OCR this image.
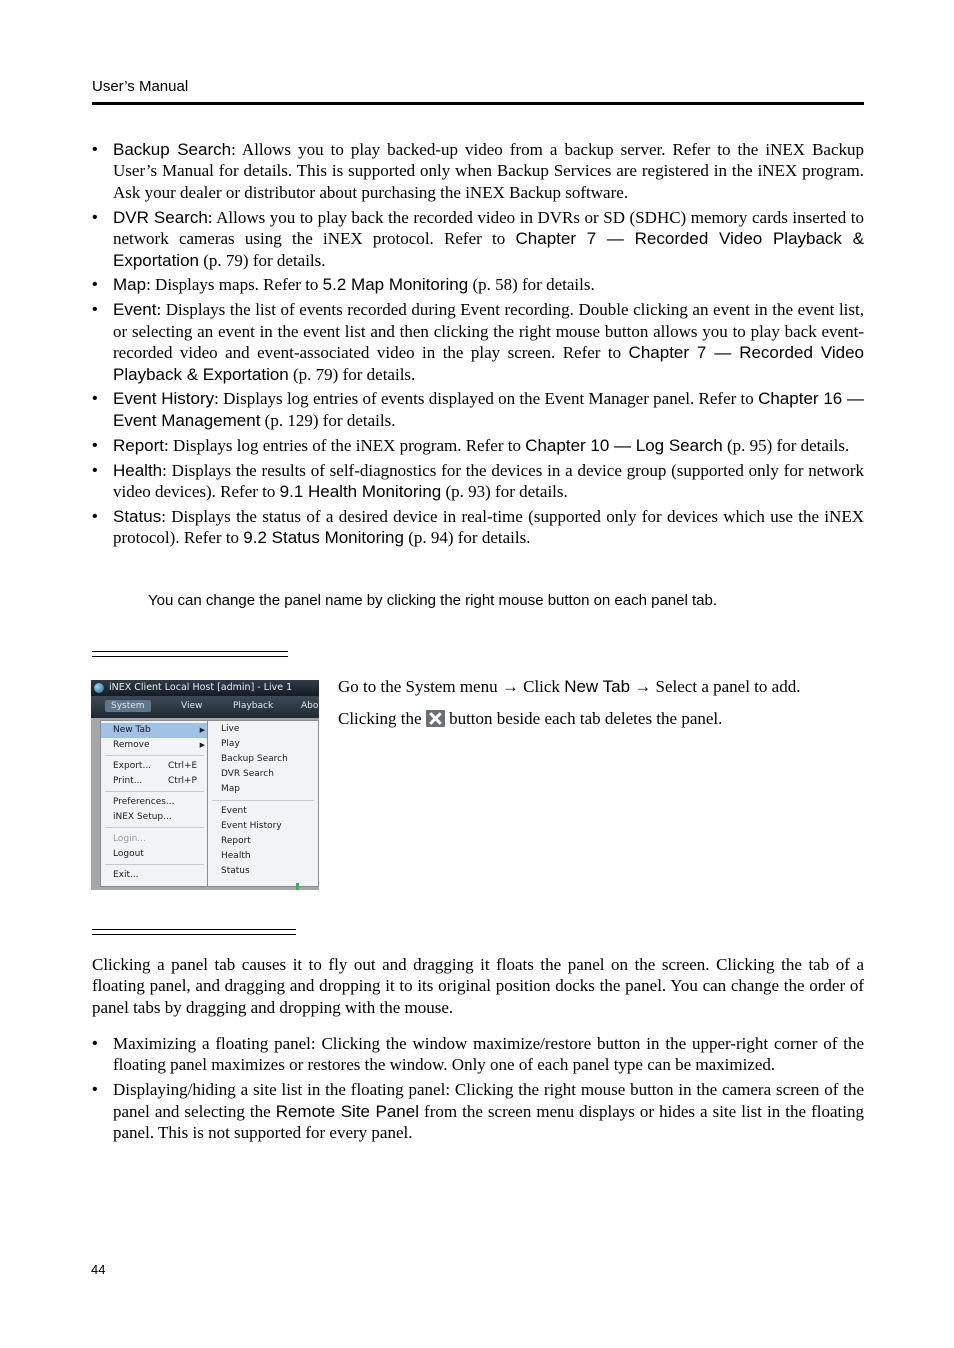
User’s Manual
• Backup Search: Allows you to play backed-up video from a backup server. Refer to the iNEX Backup User’s Manual for details. This is supported only when Backup Services are registered in the iNEX program. Ask your dealer or distributor about purchasing the iNEX Backup software.
• DVR Search: Allows you to play back the recorded video in DVRs or SD (SDHC) memory cards inserted to network cameras using the iNEX protocol. Refer to Chapter 7 — Recorded Video Playback & Exportation (p. 79) for details.
• Map: Displays maps. Refer to 5.2 Map Monitoring (p. 58) for details.
• Event: Displays the list of events recorded during Event recording. Double clicking an event in the event list, or selecting an event in the event list and then clicking the right mouse button allows you to play back event-recorded video and event-associated video in the play screen. Refer to Chapter 7 — Recorded Video Playback & Exportation (p. 79) for details.
• Event History: Displays log entries of events displayed on the Event Manager panel. Refer to Chapter 16 — Event Management (p. 129) for details.
• Report: Displays log entries of the iNEX program. Refer to Chapter 10 — Log Search (p. 95) for details.
• Health: Displays the results of self-diagnostics for the devices in a device group (supported only for network video devices). Refer to 9.1 Health Monitoring (p. 93) for details.
• Status: Displays the status of a desired device in real-time (supported only for devices which use the iNEX protocol). Refer to 9.2 Status Monitoring (p. 94) for details.
You can change the panel name by clicking the right mouse button on each panel tab.
iNEX Client Local Host [admin] - Live 1
System	View	Playback	Abo
New Tab	▶
Remove	▶
Export... Ctrl+E
Print...	Ctrl+P
Preferences...
iNEX Setup...
Login...
Logout
Exit...
Live
Play
Backup Search
DVR Search
Map
Event
Event History
Report
Health
Status
Go to the System menu → Click New Tab → Select a panel to add.
Clicking the  button beside each tab deletes the panel.

Clicking a panel tab causes it to fly out and dragging it floats the panel on the screen. Clicking the tab of a floating panel, and dragging and dropping it to its original position docks the panel. You can change the order of panel tabs by dragging and dropping with the mouse.

• Maximizing a floating panel: Clicking the window maximize/restore button in the upper-right corner of the floating panel maximizes or restores the window. Only one of each panel type can be maximized.
• Displaying/hiding a site list in the floating panel: Clicking the right mouse button in the camera screen of the panel and selecting the Remote Site Panel from the screen menu displays or hides a site list in the floating panel. This is not supported for every panel.
44
